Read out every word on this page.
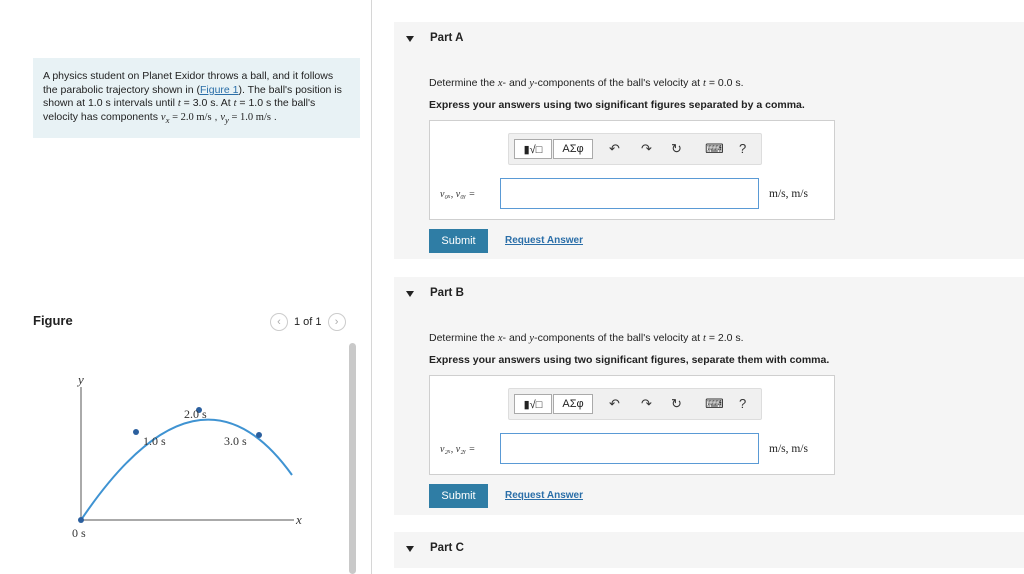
A physics student on Planet Exidor throws a ball, and it follows the parabolic trajectory shown in (Figure 1). The ball's position is shown at 1.0 s intervals until t = 3.0 s. At t = 1.0 s the ball's velocity has components $v_x = 2.0$ m/s , $v_y = 1.0$ m/s .
Figure	‹	1 of 1	›
y
x
0 s
1.0 s
2.0 s
3.0 s
Part A
Determine the x- and y-components of the ball's velocity at t = 0.0 s.
Express your answers using two significant figures separated by a comma.
▮√□	ΑΣφ	↶ ↷ ↻ ⌨ ?
v₀ₓ, v₀ᵧ =	m/s, m/s
Submit	Request Answer
Part B
Determine the x- and y-components of the ball's velocity at t = 2.0 s.
Express your answers using two significant figures, separate them with comma.
▮√□	ΑΣφ	↶ ↷ ↻ ⌨ ?
v₂ₓ, v₂ᵧ =	m/s, m/s
Submit	Request Answer
Part C
